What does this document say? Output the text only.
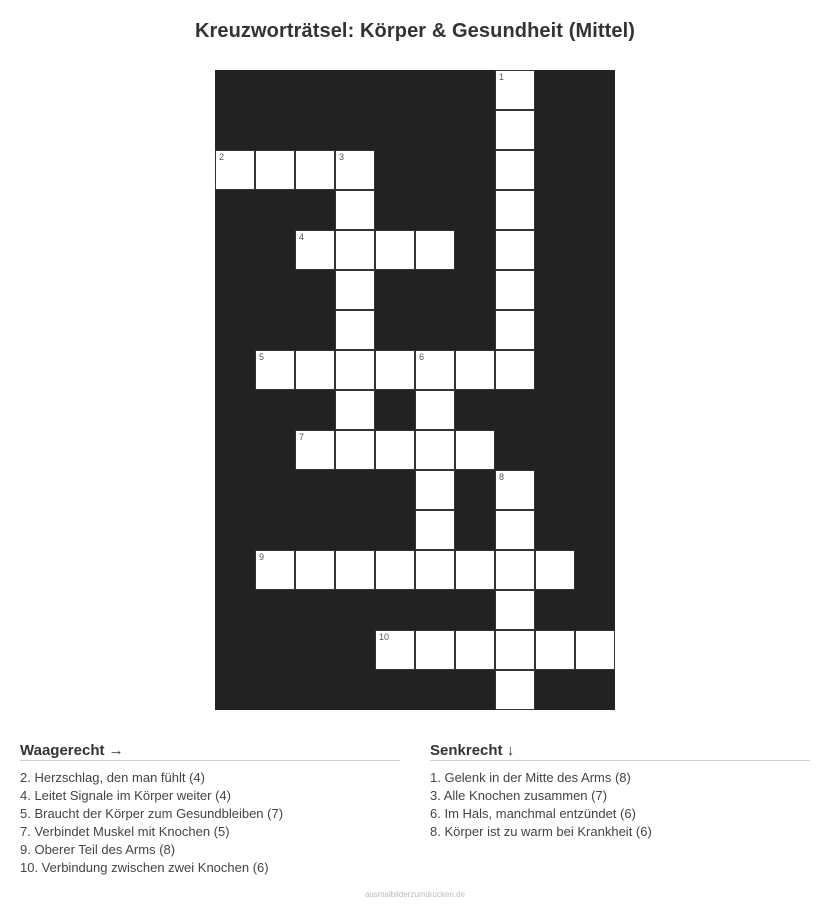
Kreuzworträtsel: Körper & Gesundheit (Mittel)
1
2	3
4
5	6
7
8
9
10
Waagerecht →
2. Herzschlag, den man fühlt (4)
4. Leitet Signale im Körper weiter (4)
5. Braucht der Körper zum Gesundbleiben (7)
7. Verbindet Muskel mit Knochen (5)
9. Oberer Teil des Arms (8)
10. Verbindung zwischen zwei Knochen (6)
Senkrecht ↓
1. Gelenk in der Mitte des Arms (8)
3. Alle Knochen zusammen (7)
6. Im Hals, manchmal entzündet (6)
8. Körper ist zu warm bei Krankheit (6)
ausmalbilderzumdrucken.de
